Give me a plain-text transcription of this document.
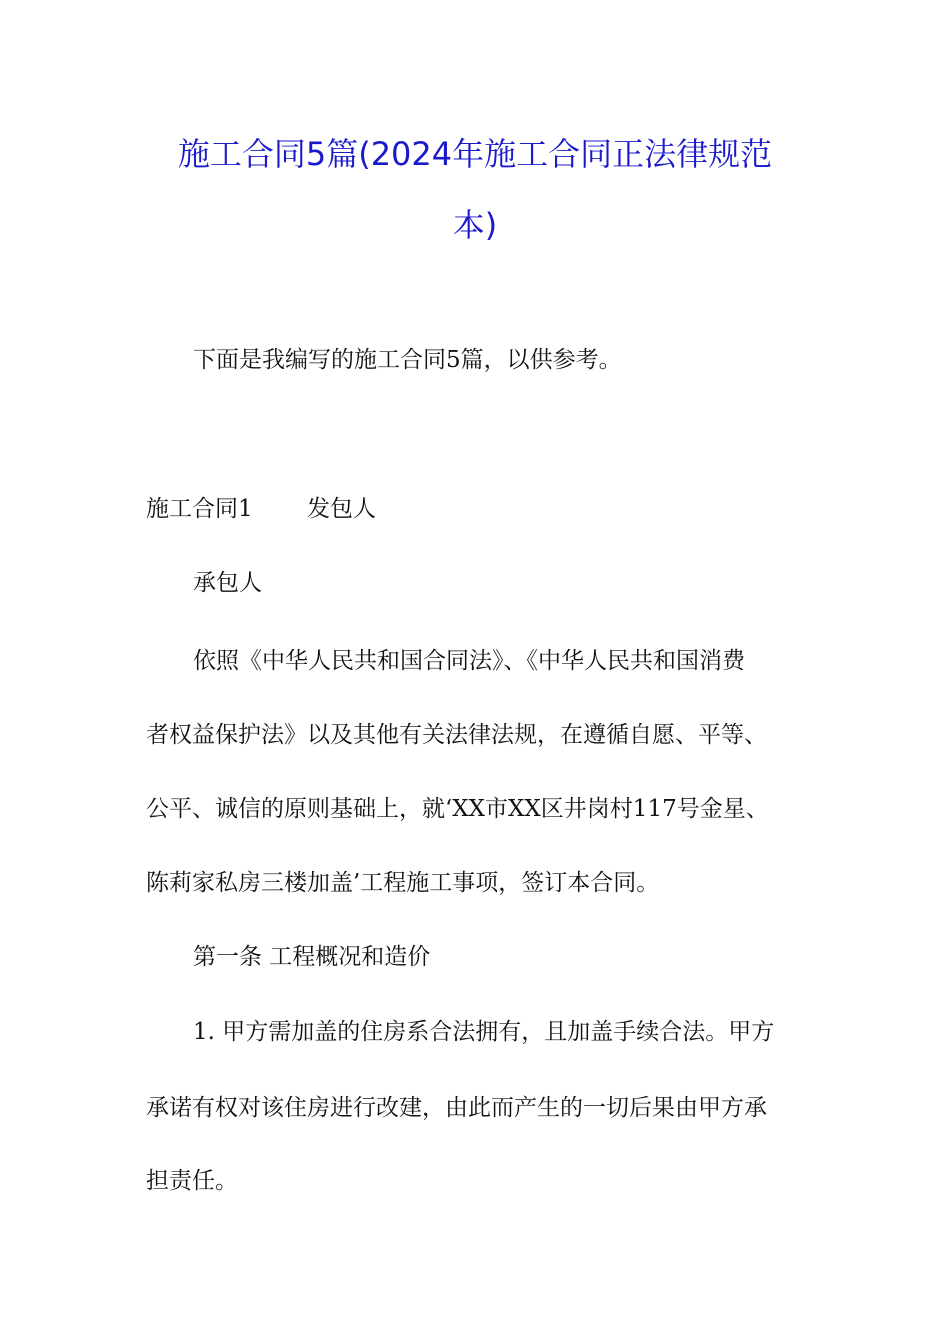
施工合同5篇(2024年施工合同正法律规范
本)
下面是我编写的施工合同5篇，以供参考。
施工合同1 发包人
承包人
依照《中华人民共和国合同法》、《中华人民共和国消费
者权益保护法》以及其他有关法律法规，在遵循自愿、平等、
公平、诚信的原则基础上，就‘XX市XX区井岗村117号金星、
陈莉家私房三楼加盖’工程施工事项，签订本合同。
第一条 工程概况和造价
1. 甲方需加盖的住房系合法拥有，且加盖手续合法。甲方
承诺有权对该住房进行改建，由此而产生的一切后果由甲方承
担责任。
